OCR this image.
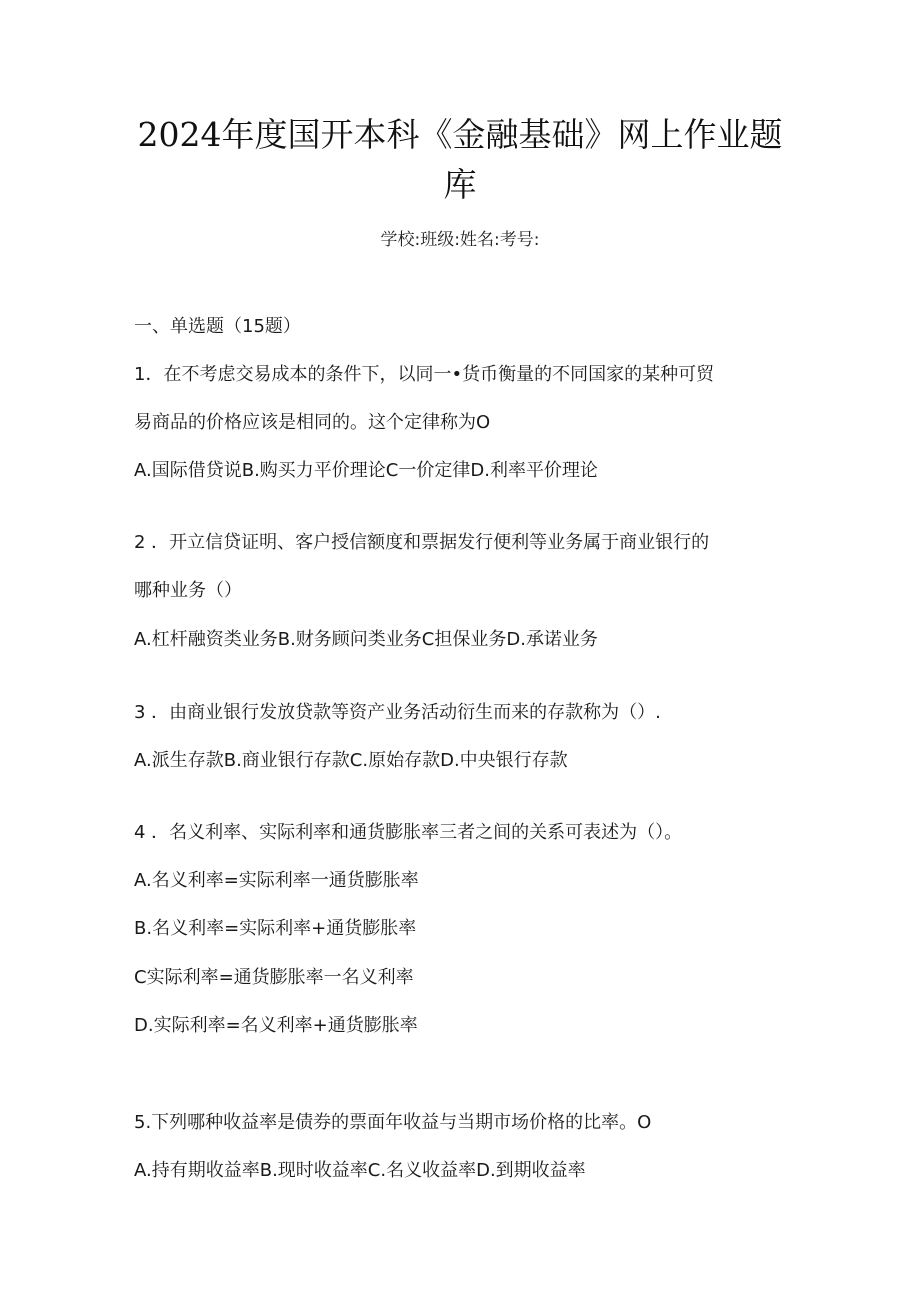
2024年度国开本科《金融基础》网上作业题
库
学校:班级:姓名:考号:
一、单选题（15题）
1．在不考虑交易成本的条件下，以同一•货币衡量的不同国家的某种可贸
易商品的价格应该是相同的。这个定律称为O
A.国际借贷说B.购买力平价理论C一价定律D.利率平价理论
2 ．开立信贷证明、客户授信额度和票据发行便利等业务属于商业银行的
哪种业务（）
A.杠杆融资类业务B.财务顾问类业务C担保业务D.承诺业务
3 ．由商业银行发放贷款等资产业务活动衍生而来的存款称为（）.
A.派生存款B.商业银行存款C.原始存款D.中央银行存款
4 ．名义利率、实际利率和通货膨胀率三者之间的关系可表述为（）。
A.名义利率=实际利率一通货膨胀率
B.名义利率=实际利率+通货膨胀率
C实际利率=通货膨胀率一名义利率
D.实际利率=名义利率+通货膨胀率
5.下列哪种收益率是债券的票面年收益与当期市场价格的比率。O
A.持有期收益率B.现时收益率C.名义收益率D.到期收益率
